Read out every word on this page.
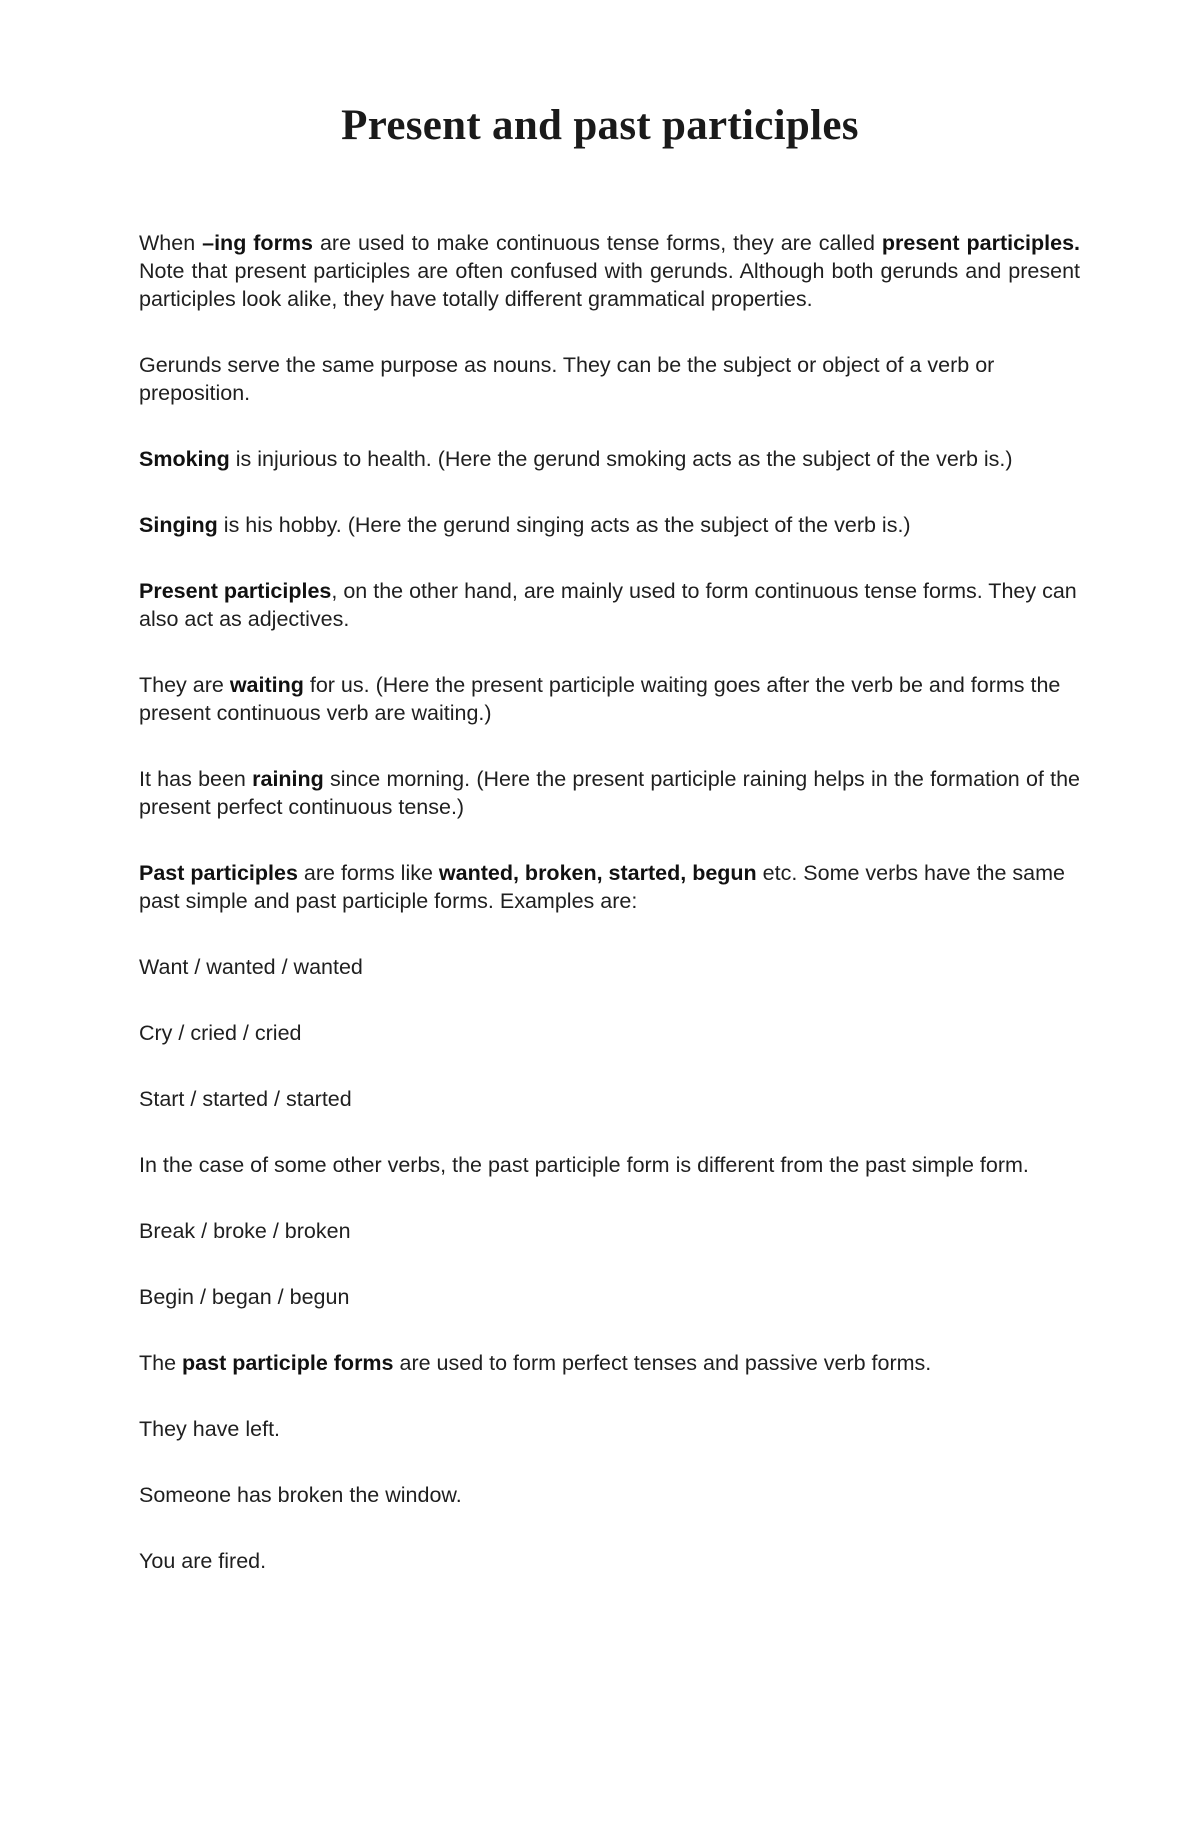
Present and past participles

When –ing forms are used to make continuous tense forms, they are called present participles. Note that present participles are often confused with gerunds. Although both gerunds and present participles look alike, they have totally different grammatical properties.

Gerunds serve the same purpose as nouns. They can be the subject or object of a verb or preposition.

Smoking is injurious to health. (Here the gerund smoking acts as the subject of the verb is.)

Singing is his hobby. (Here the gerund singing acts as the subject of the verb is.)

Present participles, on the other hand, are mainly used to form continuous tense forms. They can also act as adjectives.

They are waiting for us. (Here the present participle waiting goes after the verb be and forms the present continuous verb are waiting.)

It has been raining since morning. (Here the present participle raining helps in the formation of the present perfect continuous tense.)

Past participles are forms like wanted, broken, started, begun etc. Some verbs have the same past simple and past participle forms. Examples are:

Want / wanted / wanted

Cry / cried / cried

Start / started / started

In the case of some other verbs, the past participle form is different from the past simple form.

Break / broke / broken

Begin / began / begun

The past participle forms are used to form perfect tenses and passive verb forms.

They have left.

Someone has broken the window.

You are fired.
